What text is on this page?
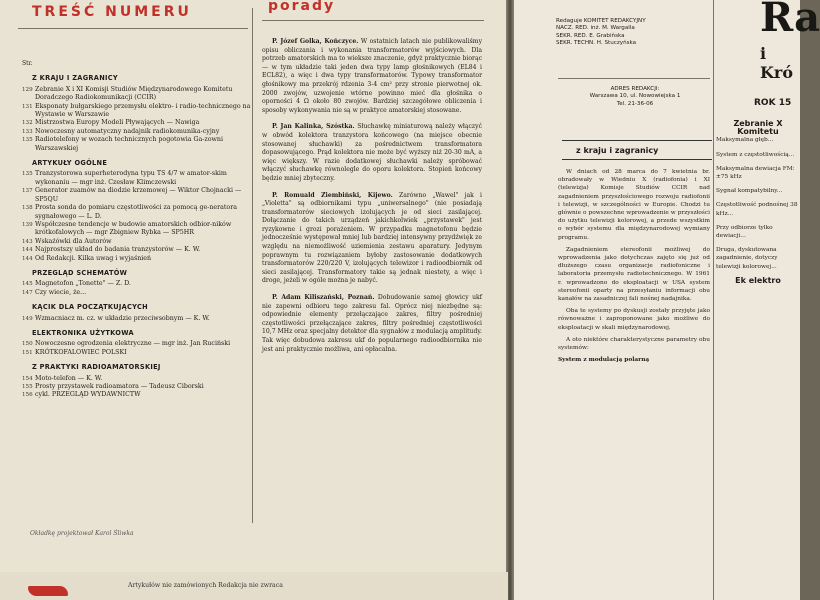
TREŚĆ NUMERU
Str.
Z KRAJU I ZAGRANICY
129 Zebranie X i XI Komisji Studiów Międzynarodowego Komitetu Doradczego Radiokomunikacji (CCIR)
131 Eksponaty bułgarskiego przemysłu elektro- i radio-technicznego na Wystawie w Warszawie
132 Mistrzostwa Europy Modeli Pływających — Nawiga
133 Nowoczesny automatyczny nadajnik radiokomunika-cyjny
135 Radiotelefony w wozach technicznych pogotowia Ga-zowni Warszawskiej
ARTYKUŁY OGÓLNE
135 Tranzystorowa superheterodyna typu TS 4/7 w amator-skim wykonaniu — mgr inż. Czesław Klimczewski
137 Generator zuamów na diodzie krzemowej — Wiktor Chojnacki — SP5QU
138 Prosta sonda do pomiaru częstotliwości za pomocą ge-neratora sygnałowego — L. D.
139 Współczesne tendencje w budowie amatorskich odbior-ników krótkofalowych — mgr Zbigniew Rybka — SP5HR
143 Wskaźówki dla Autorów
144 Najprostszy układ do badania tranzystorów — K. W.
144 Od Redakcji. Kilka uwag i wyjaśnień
PRZEGLĄD SCHEMATÓW
145 Magnetofon „Tonette" — Z. D.
147 Czy wiecie, że...
KĄCIK DLA POCZĄTKUJĄCYCH
149 Wzmacniacz m. cz. w układzie przeciwsobnym — K. W.
ELEKTRONIKA UŻYTKOWA
150 Nowoczesne ogrodzenia elektryczne — mgr inż. Jan Ruciński
151 KRÓTKOFALOWIEC POLSKI
Z PRAKTYKI RADIOAMATORSKIEJ
154 Moto-telefon — K. W.
155 Prosty przystawek radioamatora — Tadeusz Ciborski
156 cykl. PRZEGLĄD WYDAWNICTW
porady

P. Józef Golka, Kończyce. W ostatnich latach nie publikowaliśmy opisu obliczania i wykonania transformatorów wyjściowych. Dla potrzeb amatorskich ma to wieksze znaczenie, gdyż praktycznie biorąc — w tym układzie taki jeden dwa typy lamp głośnikowych (EL84 i ECL82), a więc i dwa typy transformatorów. Typowy transformator głośnikowy ma przekrój rdzenia 3-4 cm² przy stronie pierwotnej ok. 2000 zwojów, uzwojenie wtórne powinno mieć dla głośnika o oporności 4 Ω około 80 zwojów. Bardziej szczegółowe obliczenia i sposoby wykonywania nie są w praktyce amatorskiej stosowane.

P. Jan Kalinka, Szóstka. Słuchawkę miniaturową należy włączyć w obwód kolektora tranzystora końcowego (na miejsce obecnie stosowanej słuchawki) za pośrednictwem transformatora dopasowującego. Prąd kolektora nie może być wyższy niż 20-30 mA, a więc większy. W razie dodatkowej słuchawki należy spróbować włączyć słuchawkę równolegle do oporu kolektora. Stopień końcowy będzie mniej zbyteczny.

P. Romuald Ziembiński, Kijewo. Zarówno „Wawel" jak i „Violetta" są odbiornikami typu „uniwersalnego" (nie posiadają transformatorów sieciowych izolujących je od sieci zasilającej. Dołączanie do takich urządzeń jakichkolwiek „przystawek" jest ryzykowne i grozi porażeniem. W przypadku magnetofonu będzie jednocześnie występował mniej lub bardziej intensywny przydźwięk ze względu na niemożliwość uziemienia zestawu aparatury. Jedynym poprawnym tu rozwiązaniem byłoby zastosowanie dodatkowych transformatorów 220/220 V, izolujących telewizor i radioodbiornik od sieci zasilającej. Transformatory takie są jednak niestety, a więc i droge, jeżeli w ogóle można je nabyć.

P. Adam Kiliszański, Poznań. Dobudowanie samej głowicy ukf nie zapewni odbioru tego zakresu fal. Oprócz niej niezbędne są: odpowiednie elementy przełączające zakres, filtry pośredniej częstotliwości przełączające zakres, filtry pośredniej częstotliwości 10,7 MHz oraz specjalny detektor dla sygnałów z modulacją amplitudy. Tak więc dobudowa zakresu ukf do popularnego radioodbiornika nie jest ani praktycznie możliwa, ani opłacalna.

Okładkę projektował Karol Śliwka
Artykułów nie zamówionych Redakcja nie zwraca
Redaguje KOMITET REDAKCYJNY
NACZ. RED. inż. M. Wargalla
SEKR. RED. E. Grabińska
SEKR. TECHN. H. Stuczyńska
ADRES REDAKCJI:
Warszawa 10, ul. Nowowiejska 1
Tel. 21-36-06
Ra
i Kró
ROK 15
z kraju i zagranicy

W dniach od 28 marca do 7 kwietnia br. obradowały w Wiedniu X (radiofonia) i XI (telewizja) Komisje Studiów CCIR nad zagadnieniem przyszłościowego rozwoju radiofonii i telewizji, w szczególności w Europie. Chodzi tu głównie o powszechne wprowadzenie w przyszłości do użytku telewizji kolorowej, a przede wszystkim o wybór systemu dla międzynarodowej wymiany programu.

Zagadnieniem stereofonii możliwej do wprowadzenia jako dotychczas zajęto się już od dłuższego czasu organizacje radiofoniczne i laboratoria przemysłu radiotechnicznego. W 1961 r. wprowadzono do eksploatacji w USA system stereofonii oparty na przesyłaniu informacji obu kanałów na zasadniczej fali nośnej nadajnika.

Oba te systemy po dyskusji zostały przyjęte jako równoważne i zaproponowane jako możliwe do eksploatacji w skali międzynarodowej.

A oto niektóre charakterystyczne parametry obu systemów:

System z modulacją polarną

Zebranie X Komitetu

Maksymalna głęb...

System z częstotliwością...

Maksymalna dewiacja FM: ±75 kHz

Sygnał kompatybilny...

Częstotliwość podnośnej 38 kHz...

Przy odbiorze tylko dewiacji...

Druga, dyskutowana zagadnienie, dotyczy telewizji kolorowej...

Ek elektro
